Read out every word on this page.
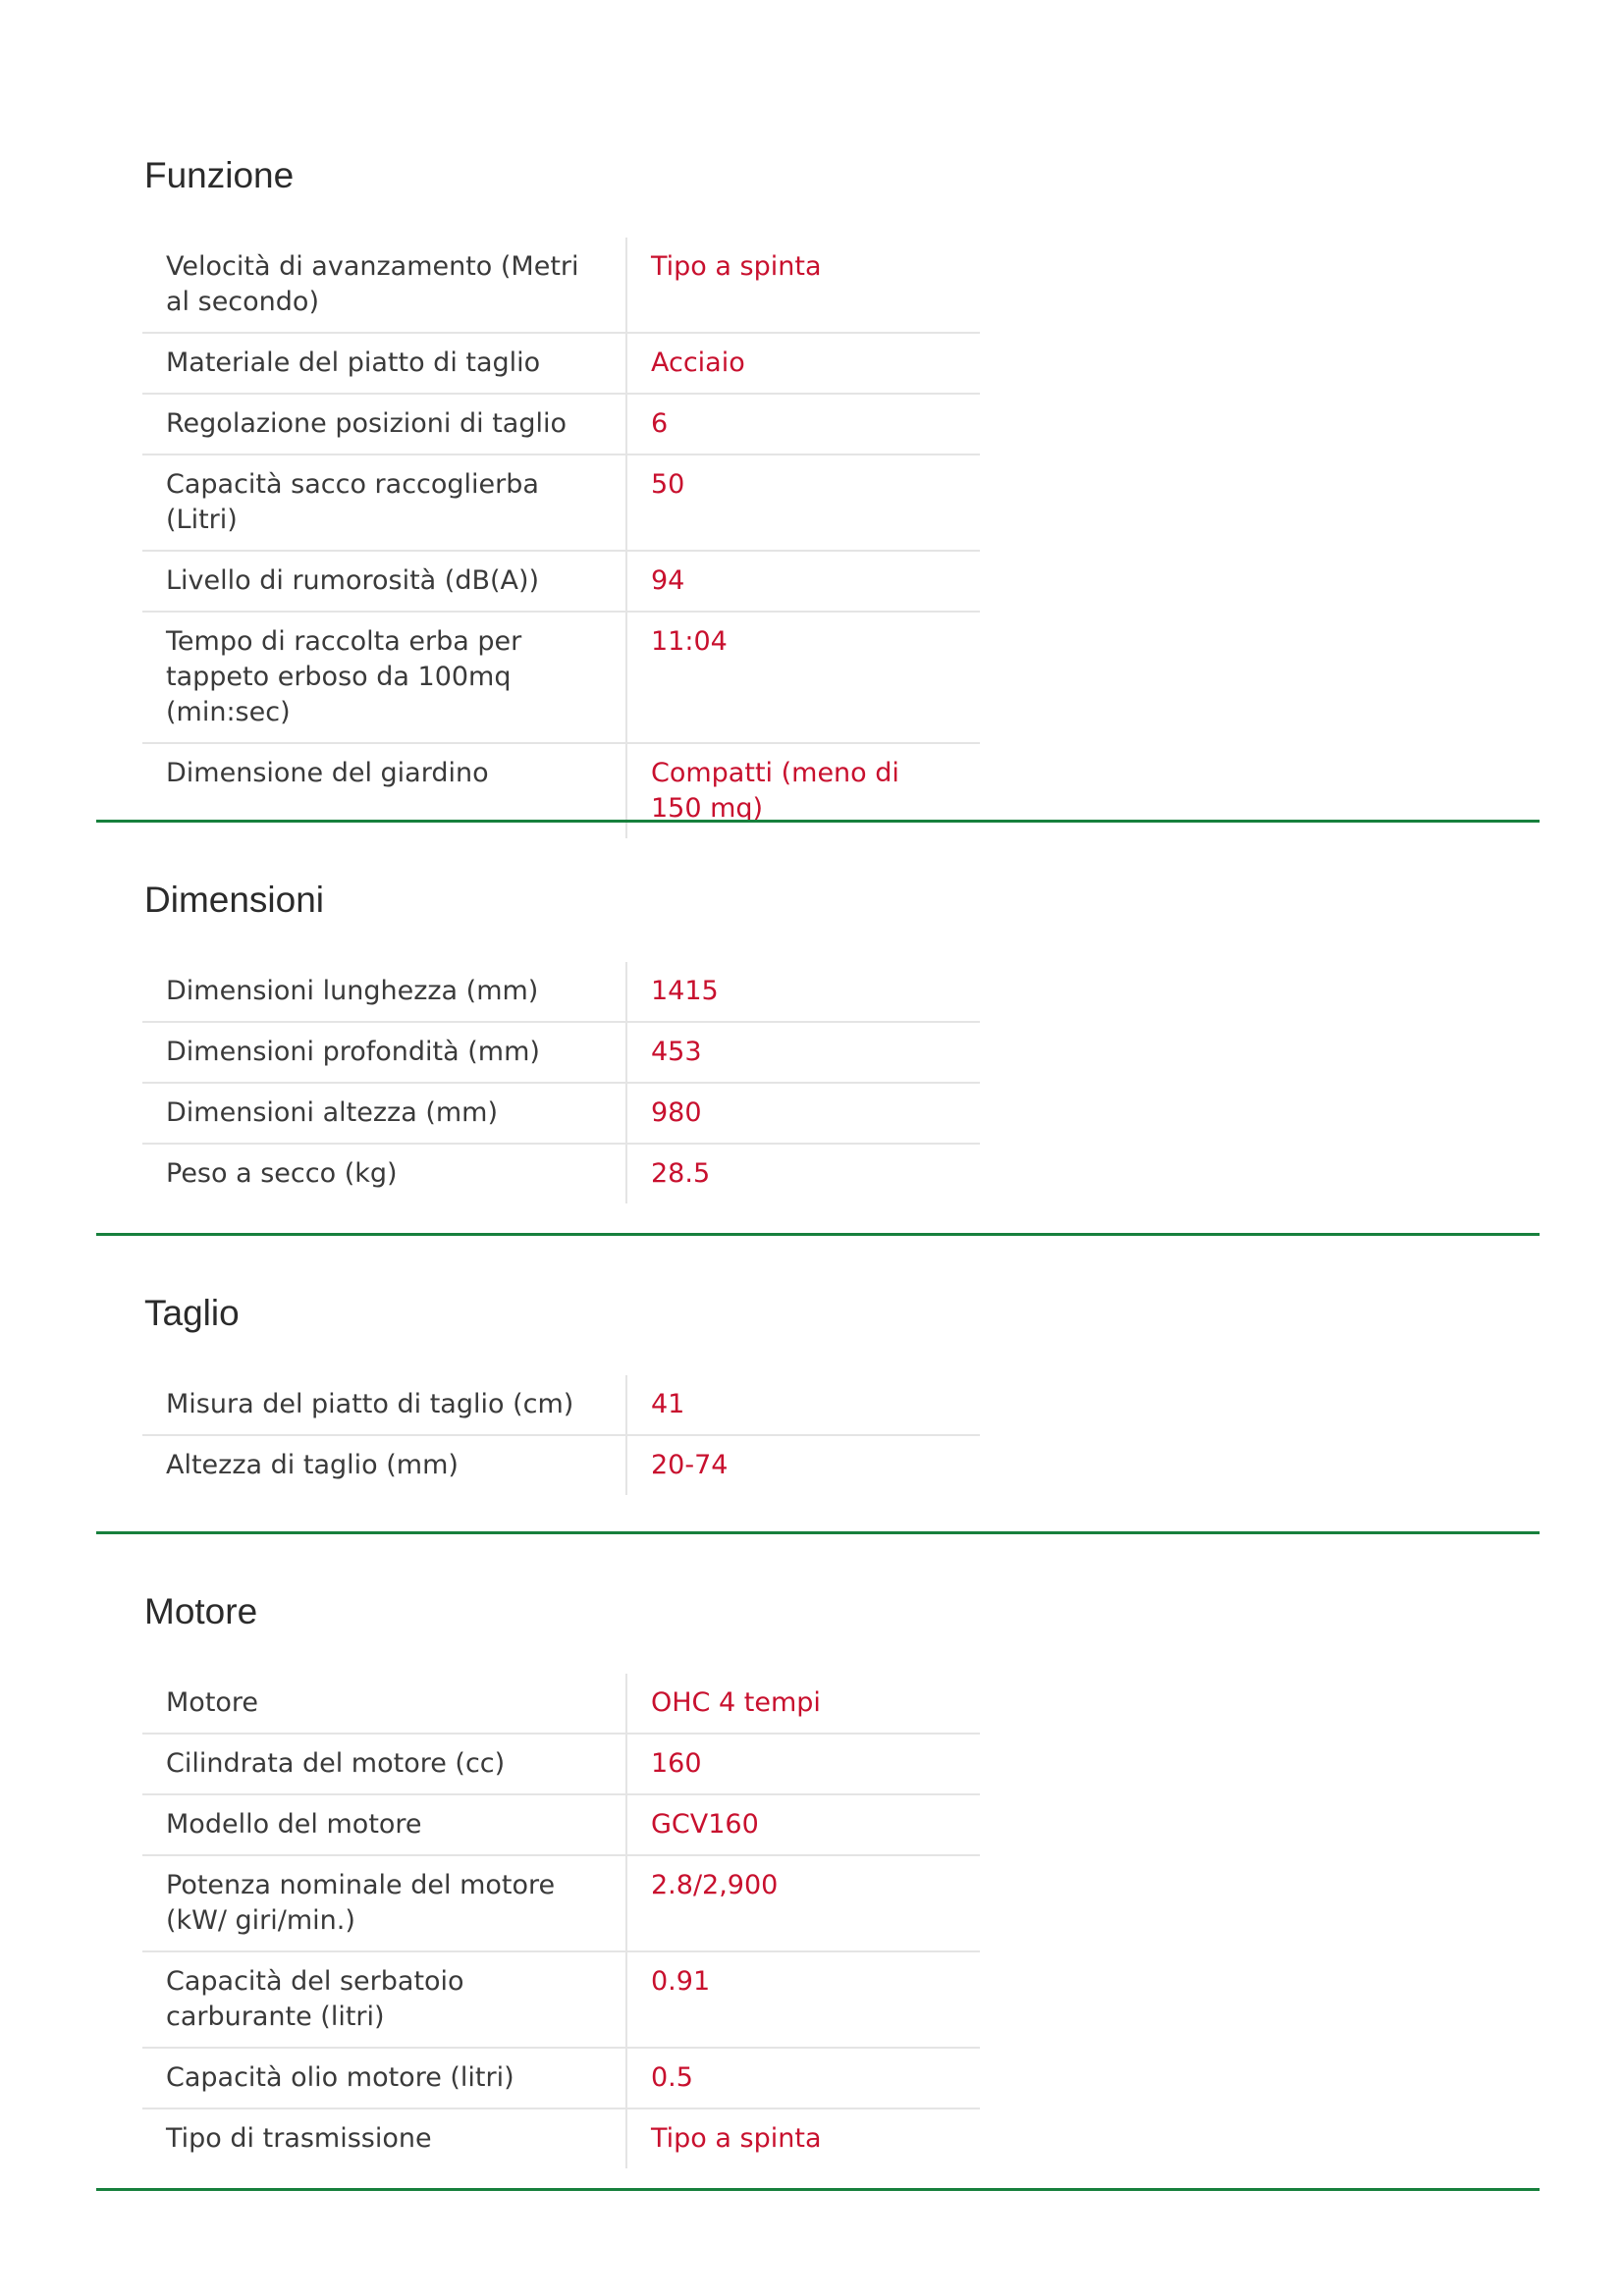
Funzione
Velocità di avanzamento (Metri al secondo)	Tipo a spinta
Materiale del piatto di taglio	Acciaio
Regolazione posizioni di taglio	6
Capacità sacco raccoglierba (Litri)	50
Livello di rumorosità (dB(A))	94
Tempo di raccolta erba per tappeto erboso da 100mq (min:sec)	11:04
Dimensione del giardino	Compatti (meno di 150 mq)
Dimensioni
Dimensioni lunghezza (mm)	1415
Dimensioni profondità (mm)	453
Dimensioni altezza (mm)	980
Peso a secco (kg)	28.5
Taglio
Misura del piatto di taglio (cm)	41
Altezza di taglio (mm)	20-74
Motore
Motore	OHC 4 tempi
Cilindrata del motore (cc)	160
Modello del motore	GCV160
Potenza nominale del motore (kW/ giri/min.)	2.8/2,900
Capacità del serbatoio carburante (litri)	0.91
Capacità olio motore (litri)	0.5
Tipo di trasmissione	Tipo a spinta
